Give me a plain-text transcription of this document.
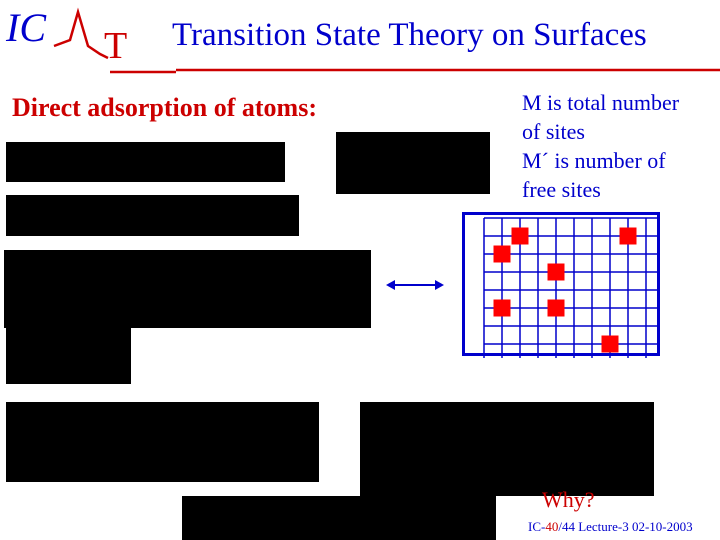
IC T Transition State Theory on Surfaces
Direct adsorption of atoms:	M is total number
of sites
M´ is number of
free sites
Why?
IC-40/44 Lecture-3 02-10-2003
